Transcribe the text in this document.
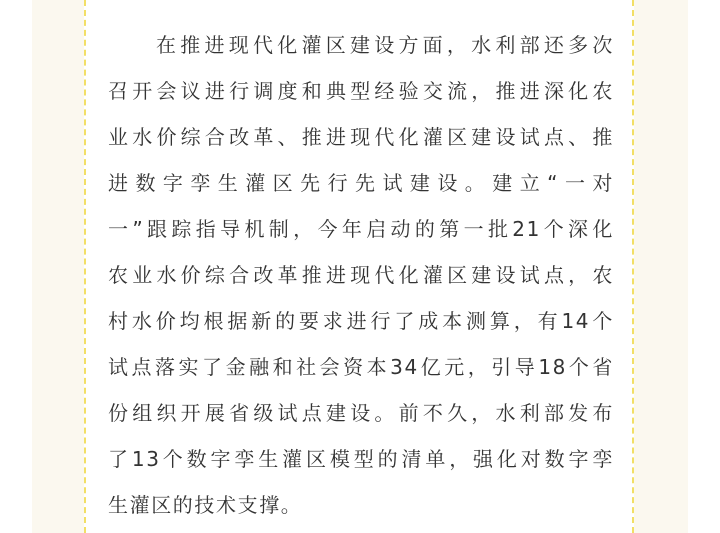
在推进现代化灌区建设方面，水利部还多次
召开会议进行调度和典型经验交流，推进深化农
业水价综合改革、推进现代化灌区建设试点、推
进数字孪生灌区先行先试建设。建立“一对
一”跟踪指导机制，今年启动的第一批21个深化
农业水价综合改革推进现代化灌区建设试点，农
村水价均根据新的要求进行了成本测算，有14个
试点落实了金融和社会资本34亿元，引导18个省
份组织开展省级试点建设。前不久，水利部发布
了13个数字孪生灌区模型的清单，强化对数字孪
生灌区的技术支撑。
